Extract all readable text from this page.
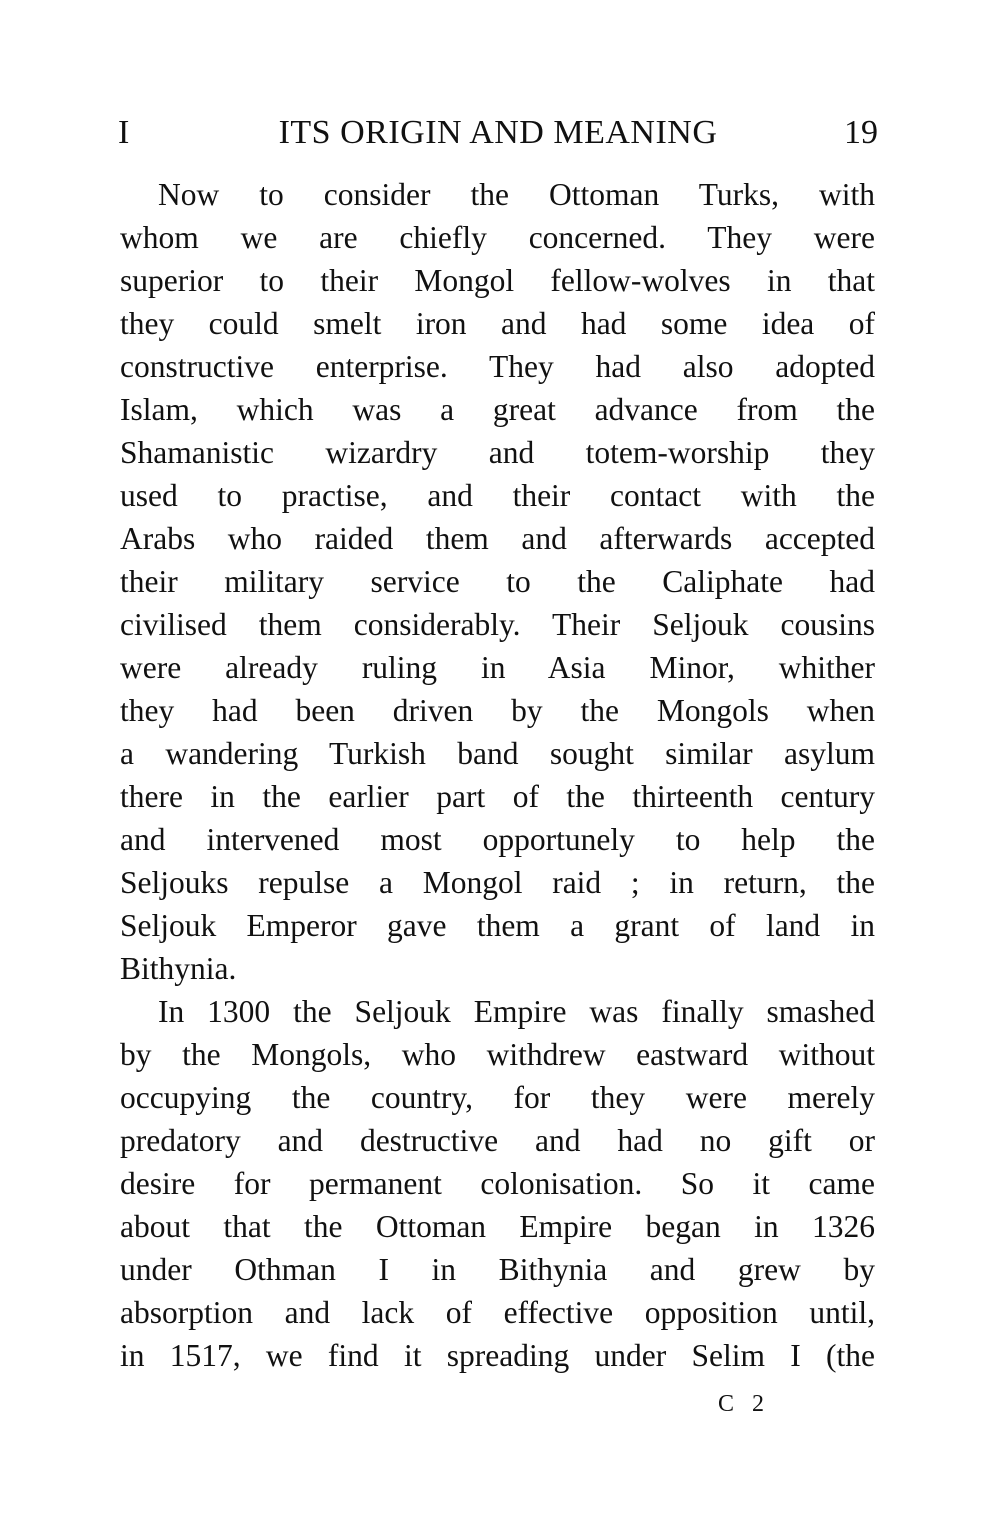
I	ITS ORIGIN AND MEANING	19
Now to consider the Ottoman Turks, with
whom we are chiefly concerned. They were
superior to their Mongol fellow-wolves in that
they could smelt iron and had some idea of
constructive enterprise. They had also adopted
Islam, which was a great advance from the
Shamanistic wizardry and totem-worship they
used to practise, and their contact with the
Arabs who raided them and afterwards accepted
their military service to the Caliphate had
civilised them considerably. Their Seljouk cousins
were already ruling in Asia Minor, whither
they had been driven by the Mongols when
a wandering Turkish band sought similar asylum
there in the earlier part of the thirteenth century
and intervened most opportunely to help the
Seljouks repulse a Mongol raid ; in return, the
Seljouk Emperor gave them a grant of land in
Bithynia.
In 1300 the Seljouk Empire was finally smashed
by the Mongols, who withdrew eastward without
occupying the country, for they were merely
predatory and destructive and had no gift or
desire for permanent colonisation. So it came
about that the Ottoman Empire began in 1326
under Othman I in Bithynia and grew by
absorption and lack of effective opposition until,
in 1517, we find it spreading under Selim I (the
C 2
